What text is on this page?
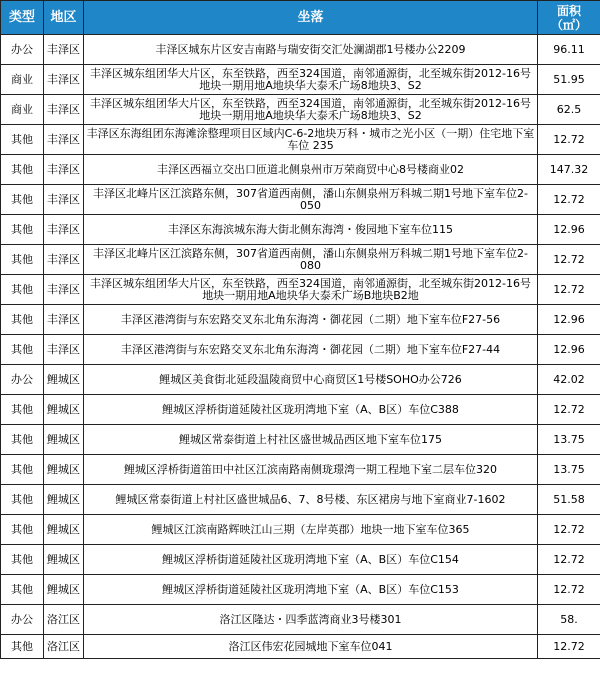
类型	地区	坐落	面积
（㎡）
办公	丰泽区	丰泽区城东片区安吉南路与瑞安街交汇处澜湖郡1号楼办公2209	96.11
商业	丰泽区	丰泽区城东组团华大片区，东至铁路，西至324国道，南邻通源街，北至城东街2012-16号地块一期用地A地块华大泰禾广场8地块3、S2	51.95
商业	丰泽区	丰泽区城东组团华大片区，东至铁路，西至324国道，南邻通源街，北至城东街2012-16号地块一期用地A地块华大泰禾广场8地块3、S2	62.5
其他	丰泽区	丰泽区东海组团东海滩涂整理项目区域内C-6-2地块万科・城市之光小区（一期）住宅地下室车位 235	12.72
其他	丰泽区	丰泽区西福立交出口匝道北侧泉州市万荣商贸中心8号楼商业02	147.32
其他	丰泽区	丰泽区北峰片区江滨路东侧，307省道西南侧，潘山东侧泉州万科城二期1号地下室车位2-050	12.72
其他	丰泽区	丰泽区东海滨城东海大街北侧东海湾・俊园地下室车位115	12.96
其他	丰泽区	丰泽区北峰片区江滨路东侧，307省道西南侧，潘山东侧泉州万科城二期1号地下室车位2-080	12.72
其他	丰泽区	丰泽区城东组团华大片区，东至铁路，西至324国道，南邻通源街，北至城东街2012-16号地块一期用地A地块华大泰禾广场B地块B2地	12.72
其他	丰泽区	丰泽区港湾街与东宏路交叉东北角东海湾・御花园（二期）地下室车位F27-56	12.96
其他	丰泽区	丰泽区港湾街与东宏路交叉东北角东海湾・御花园（二期）地下室车位F27-44	12.96
办公	鲤城区	鲤城区美食街北延段温陵商贸中心商贸区1号楼SOHO办公726	42.02
其他	鲤城区	鲤城区浮桥街道延陵社区珑玥湾地下室（A、B区）车位C388	12.72
其他	鲤城区	鲤城区常泰街道上村社区盛世城品西区地下室车位175	13.75
其他	鲤城区	鲤城区浮桥街道笛田中社区江滨南路南侧珑璟湾一期工程地下室二层车位320	13.75
其他	鲤城区	鲤城区常泰街道上村社区盛世城品6、7、8号楼、东区裙房与地下室商业7-1602	51.58
其他	鲤城区	鲤城区江滨南路辉映江山三期（左岸英郡）地块一地下室车位365	12.72
其他	鲤城区	鲤城区浮桥街道延陵社区珑玥湾地下室（A、B区）车位C154	12.72
其他	鲤城区	鲤城区浮桥街道延陵社区珑玥湾地下室（A、B区）车位C153	12.72
办公	洛江区	洛江区隆达・四季蓝湾商业3号楼301	58.
其他	洛江区	洛江区伟宏花园城地下室车位041	12.72
